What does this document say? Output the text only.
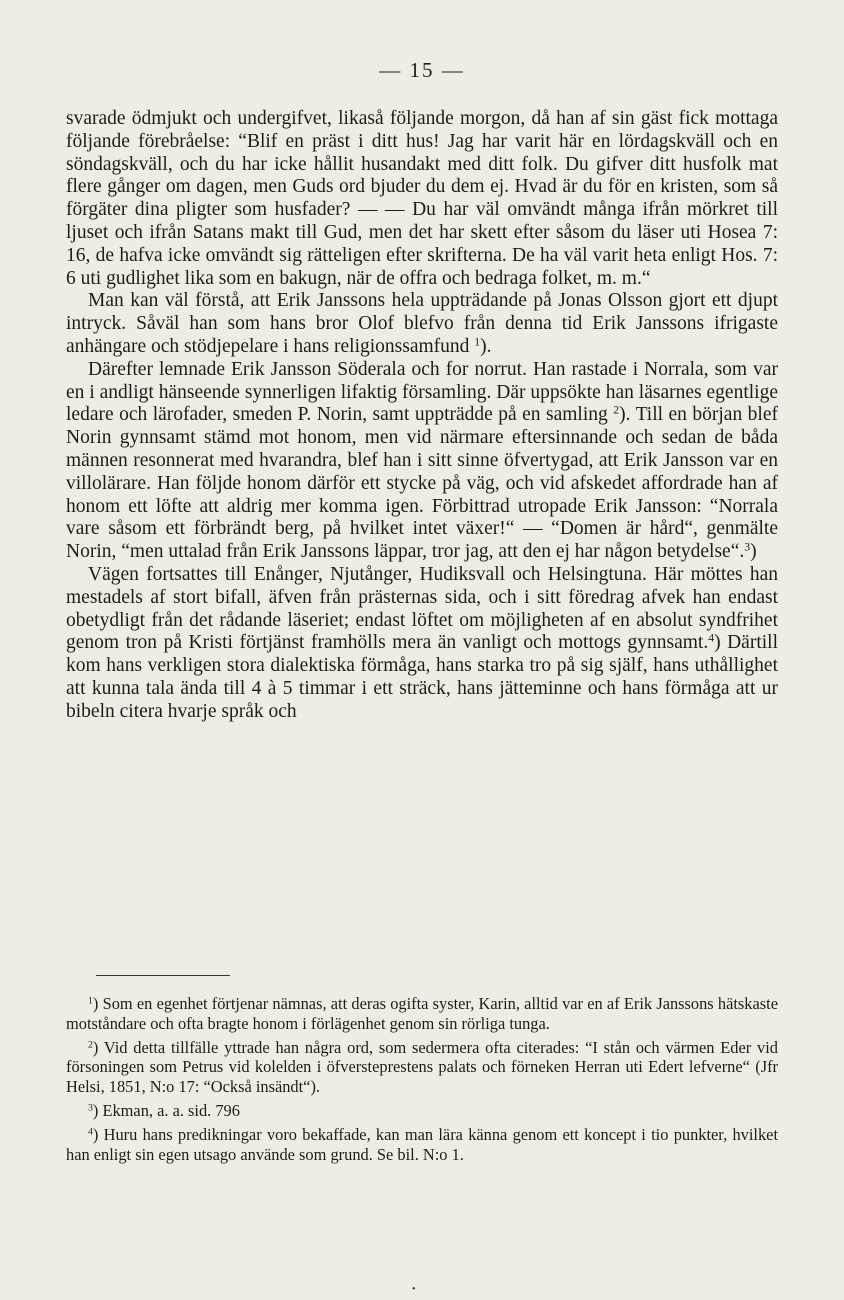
— 15 —

svarade ödmjukt och undergifvet, likaså följande morgon, då han af sin gäst fick mottaga följande förebråelse: “Blif en präst i ditt hus! Jag har varit här en lördagskväll och en söndagskväll, och du har icke hållit husandakt med ditt folk. Du gifver ditt husfolk mat flere gånger om dagen, men Guds ord bjuder du dem ej. Hvad är du för en kristen, som så förgäter dina pligter som husfader? — — Du har väl omvändt många ifrån mörkret till ljuset och ifrån Satans makt till Gud, men det har skett efter såsom du läser uti Hosea 7: 16, de hafva icke omvändt sig rätteligen efter skrifterna. De ha väl varit heta enligt Hos. 7: 6 uti gudlighet lika som en bakugn, när de offra och bedraga folket, m. m.“

Man kan väl förstå, att Erik Janssons hela uppträdande på Jonas Olsson gjort ett djupt intryck. Såväl han som hans bror Olof blefvo från denna tid Erik Janssons ifrigaste anhängare och stödjepelare i hans religionssamfund $^1$).

Därefter lemnade Erik Jansson Söderala och for norrut. Han rastade i Norrala, som var en i andligt hänseende synnerligen lifaktig församling. Där uppsökte han läsarnes egentlige ledare och lärofader, smeden P. Norin, samt uppträdde på en samling $^2$). Till en början blef Norin gynnsamt stämd mot honom, men vid närmare eftersinnande och sedan de båda männen resonnerat med hvarandra, blef han i sitt sinne öfvertygad, att Erik Jansson var en villolärare. Han följde honom därför ett stycke på väg, och vid afskedet affordrade han af honom ett löfte att aldrig mer komma igen. Förbittrad utropade Erik Jansson: “Norrala vare såsom ett förbrändt berg, på hvilket intet växer!“ — “Domen är hård“, genmälte Norin, “men uttalad från Erik Janssons läppar, tror jag, att den ej har någon betydelse“.$^3$)

Vägen fortsattes till Enånger, Njutånger, Hudiksvall och Helsingtuna. Här möttes han mestadels af stort bifall, äfven från prästernas sida, och i sitt föredrag afvek han endast obetydligt från det rådande läseriet; endast löftet om möjligheten af en absolut syndfrihet genom tron på Kristi förtjänst framhölls mera än vanligt och mottogs gynnsamt.$^4$) Därtill kom hans verkligen stora dialektiska förmåga, hans starka tro på sig själf, hans uthållighet att kunna tala ända till 4 à 5 timmar i ett sträck, hans jätteminne och hans förmåga att ur bibeln citera hvarje språk och

$^1$) Som en egenhet förtjenar nämnas, att deras ogifta syster, Karin, alltid var en af Erik Janssons hätskaste motståndare och ofta bragte honom i förlägenhet genom sin rörliga tunga.

$^2$) Vid detta tillfälle yttrade han några ord, som sedermera ofta citerades: “I stån och värmen Eder vid försoningen som Petrus vid kolelden i öfversteprestens palats och förneken Herran uti Edert lefverne“ (Jfr Helsi, 1851, N:o 17: “Också insändt“).

$^3$) Ekman, a. a. sid. 796

$^4$) Huru hans predikningar voro bekaffade, kan man lära känna genom ett koncept i tio punkter, hvilket han enligt sin egen utsago använde som grund. Se bil. N:o 1.

•
